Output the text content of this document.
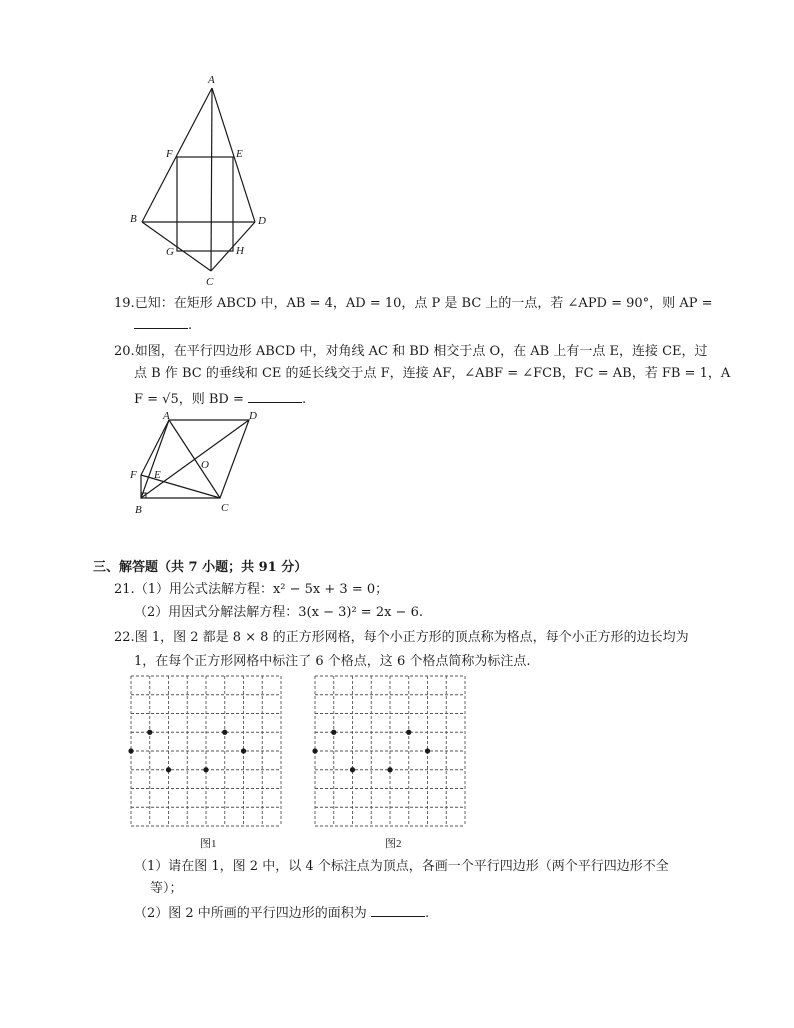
A
F	E
B	D
G	H
C
19.已知：在矩形 ABCD 中，AB = 4，AD = 10，点 P 是 BC 上的一点，若 ∠APD = 90°，则 AP =
.
20.如图，在平行四边形 ABCD 中，对角线 AC 和 BD 相交于点 O，在 AB 上有一点 E，连接 CE，过
点 B 作 BC 的垂线和 CE 的延长线交于点 F，连接 AF，∠ABF = ∠FCB，FC = AB，若 FB = 1，A
F = √5，则 BD =	.
A	D
O
F E
B	C
三、解答题（共 7 小题；共 91 分）
21.（1）用公式法解方程：x² − 5x + 3 = 0；
（2）用因式分解法解方程：3(x − 3)² = 2x − 6.
22.图 1，图 2 都是 8 × 8 的正方形网格，每个小正方形的顶点称为格点，每个小正方形的边长均为
1，在每个正方形网格中标注了 6 个格点，这 6 个格点简称为标注点.
图1	图2
（1）请在图 1，图 2 中，以 4 个标注点为顶点，各画一个平行四边形（两个平行四边形不全
等）；
（2）图 2 中所画的平行四边形的面积为	.
